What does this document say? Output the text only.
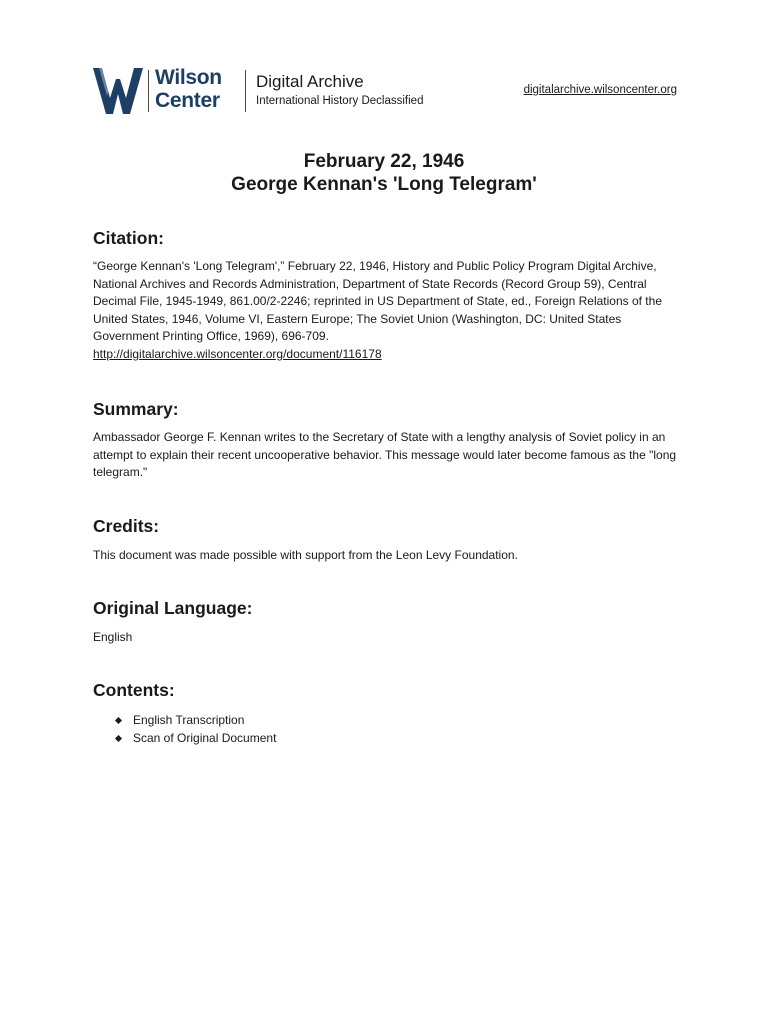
Wilson
Center
Digital Archive
International History Declassified
digitalarchive.wilsoncenter.org
February 22, 1946
George Kennan's 'Long Telegram'
Citation:

“George Kennan's 'Long Telegram',” February 22, 1946, History and Public Policy Program Digital Archive, National Archives and Records Administration, Department of State Records (Record Group 59), Central Decimal File, 1945-1949, 861.00/2-2246; reprinted in US Department of State, ed., Foreign Relations of the United States, 1946, Volume VI, Eastern Europe; The Soviet Union (Washington, DC: United States Government Printing Office, 1969), 696-709.
http://digitalarchive.wilsoncenter.org/document/116178

Summary:

Ambassador George F. Kennan writes to the Secretary of State with a lengthy analysis of Soviet policy in an attempt to explain their recent uncooperative behavior. This message would later become famous as the "long telegram."

Credits:

This document was made possible with support from the Leon Levy Foundation.

Original Language:

English

Contents:
English Transcription
Scan of Original Document
